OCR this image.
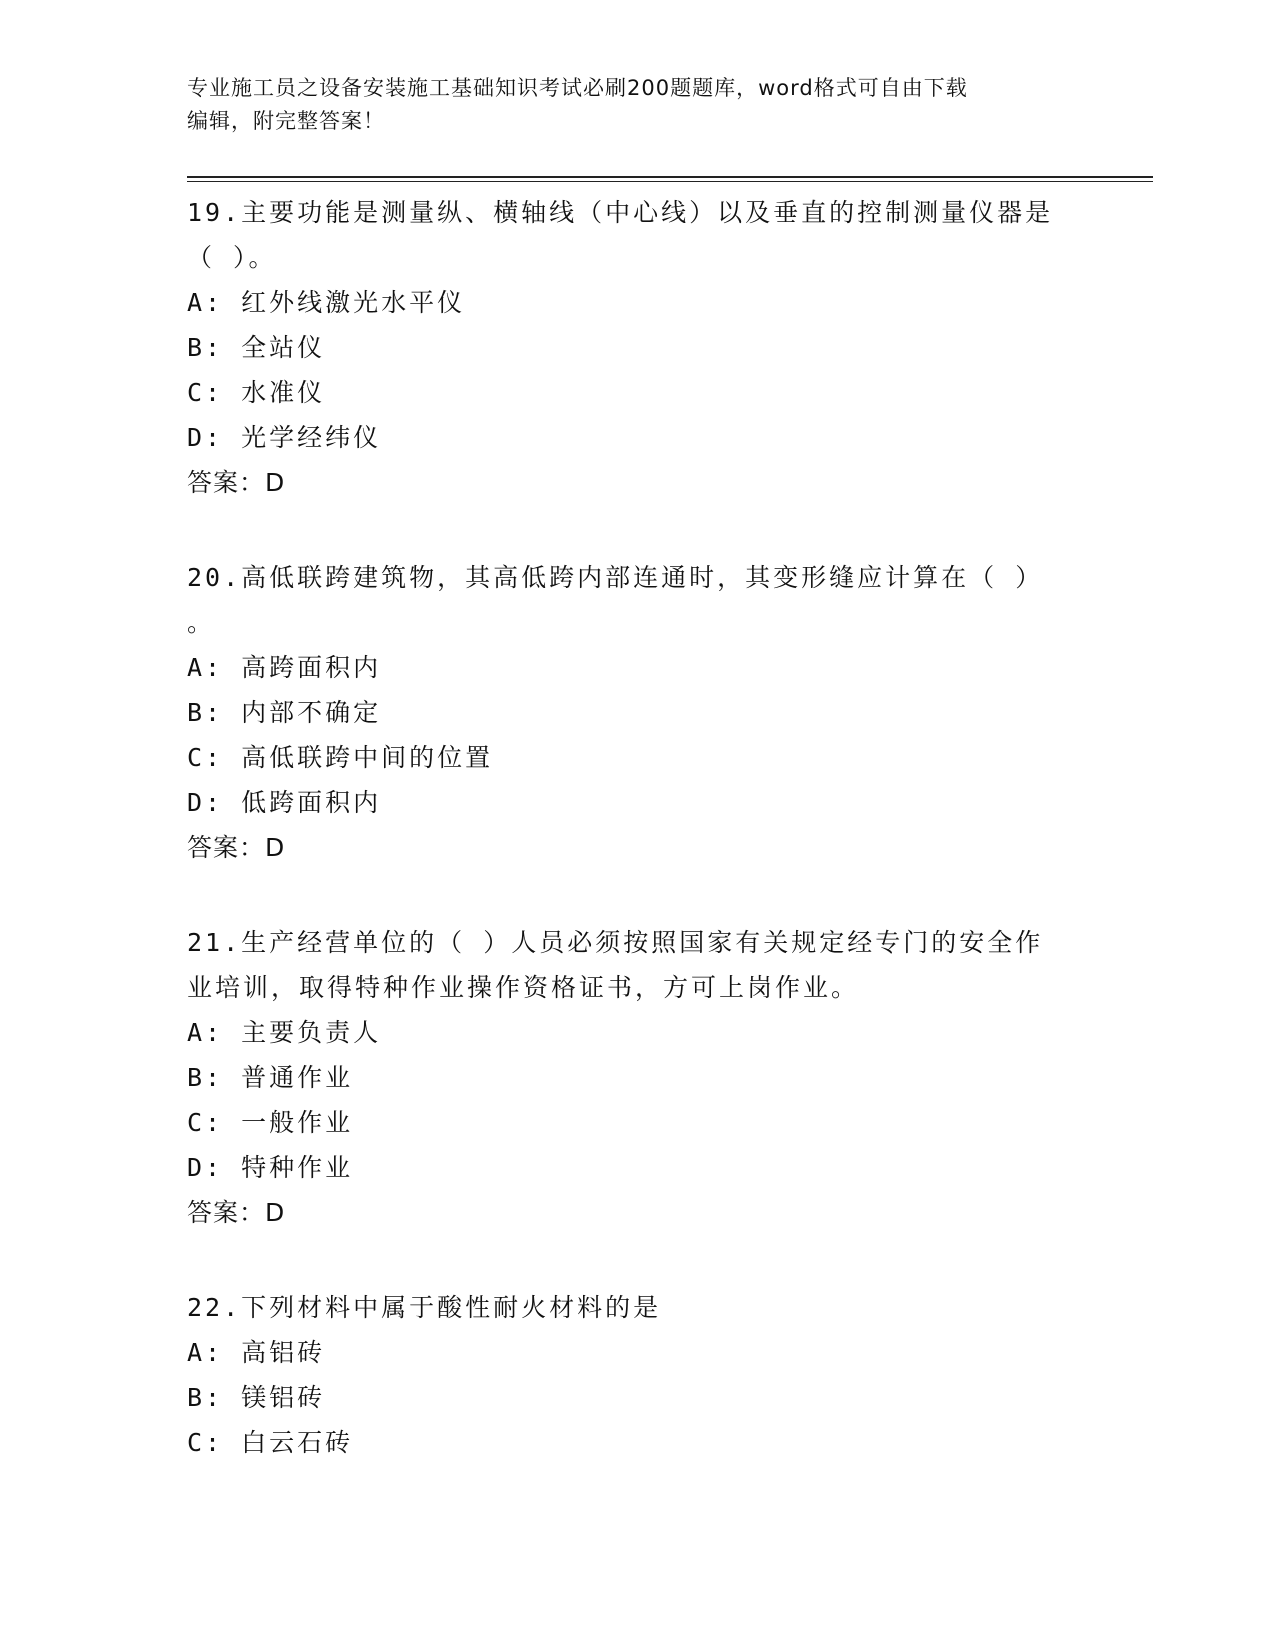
专业施工员之设备安装施工基础知识考试必刷200题题库，word格式可自由下载
编辑，附完整答案！

19.主要功能是测量纵、横轴线（中心线）以及垂直的控制测量仪器是

（ ）。

A: 红外线激光水平仪

B: 全站仪

C: 水准仪

D: 光学经纬仪

答案：D

20.高低联跨建筑物，其高低跨内部连通时，其变形缝应计算在（ ）

。

A: 高跨面积内

B: 内部不确定

C: 高低联跨中间的位置

D: 低跨面积内

答案：D

21.生产经营单位的（ ）人员必须按照国家有关规定经专门的安全作

业培训，取得特种作业操作资格证书，方可上岗作业。

A: 主要负责人

B: 普通作业

C: 一般作业

D: 特种作业

答案：D

22.下列材料中属于酸性耐火材料的是

A: 高铝砖

B: 镁铝砖

C: 白云石砖
